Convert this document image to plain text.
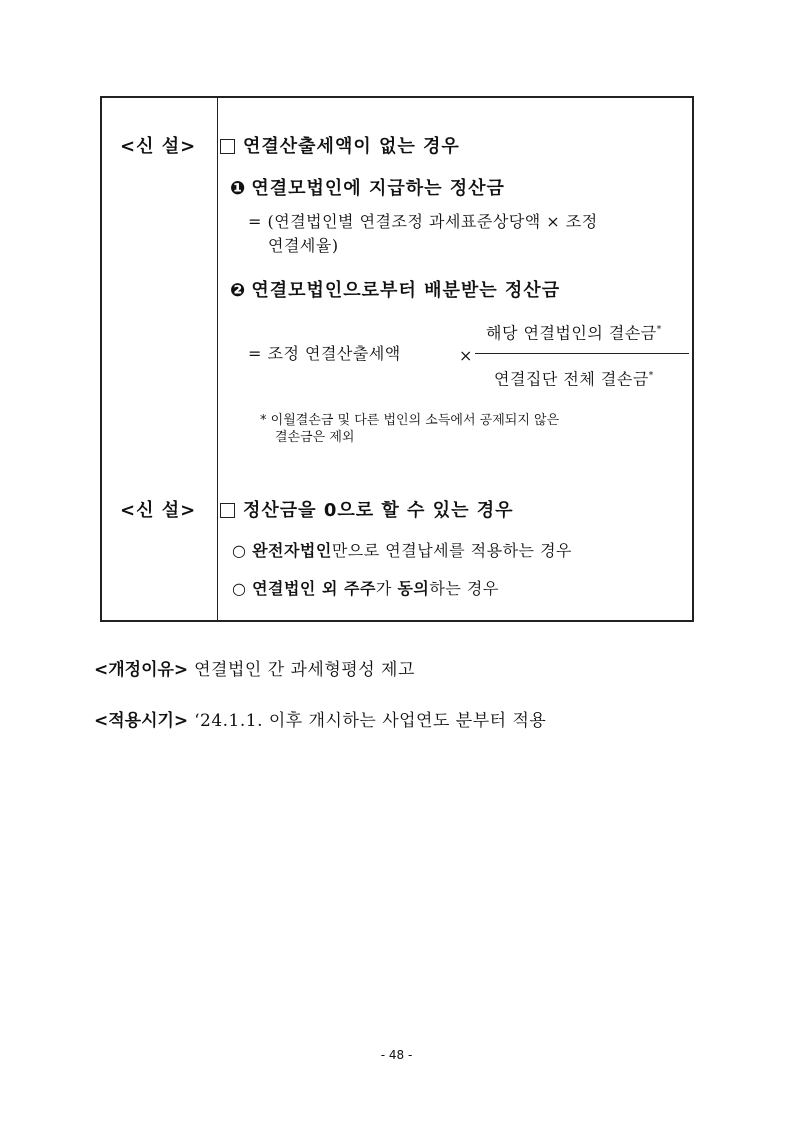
<신 설>	연결산출세액이 없는 경우
❶ 연결모법인에 지급하는 정산금
= (연결법인별 연결조정 과세표준상당액 × 조정
연결세율)
❷ 연결모법인으로부터 배분받는 정산금
= 조정 연결산출세액	×
해당 연결법인의 결손금*
연결집단 전체 결손금*
* 이월결손금 및 다른 법인의 소득에서 공제되지 않은
결손금은 제외
<신 설>	정산금을 0으로 할 수 있는 경우
○ 완전자법인만으로 연결납세를 적용하는 경우
○ 연결법인 외 주주가 동의하는 경우
<개정이유> 연결법인 간 과세형평성 제고
<적용시기> ‘24.1.1. 이후 개시하는 사업연도 분부터 적용
- 48 -
